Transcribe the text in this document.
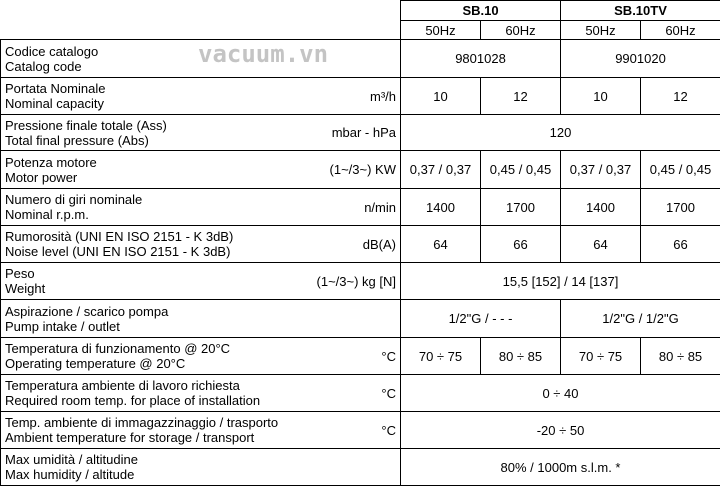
		SB.10		SB.10TV	
		50Hz	60Hz	50Hz	60Hz

Codice catalogo
Catalog code		9801028		9901020	

Portata Nominale
Nominal capacity	m³/h	10	12	10	12

Pressione finale totale (Ass)
Total final pressure (Abs)	mbar - hPa	120			

Potenza motore
Motor power	(1~/3~) KW	0,37 / 0,37	0,45 / 0,45	0,37 / 0,37	0,45 / 0,45

Numero di giri nominale
Nominal r.p.m.	n/min	1400	1700	1400	1700

Rumorosità (UNI EN ISO 2151 - K 3dB)
Noise level (UNI EN ISO 2151 - K 3dB)	dB(A)	64	66	64	66

Peso
Weight	(1~/3~) kg [N]	15,5 [152] / 14 [137]			

Aspirazione / scarico pompa
Pump intake / outlet		1/2"G / - - -		1/2"G / 1/2"G	

Temperatura di funzionamento @ 20°C
Operating temperature @ 20°C	°C	70 ÷ 75	80 ÷ 85	70 ÷ 75	80 ÷ 85

Temperatura ambiente di lavoro richiesta
Required room temp. for place of installation	°C	0 ÷ 40			

Temp. ambiente di immagazzinaggio / trasporto
Ambient temperature for storage / transport	°C	-20 ÷ 50			

Max umidità / altitudine
Max humidity / altitude		80% / 1000m s.l.m. *			
vacuum.vn
